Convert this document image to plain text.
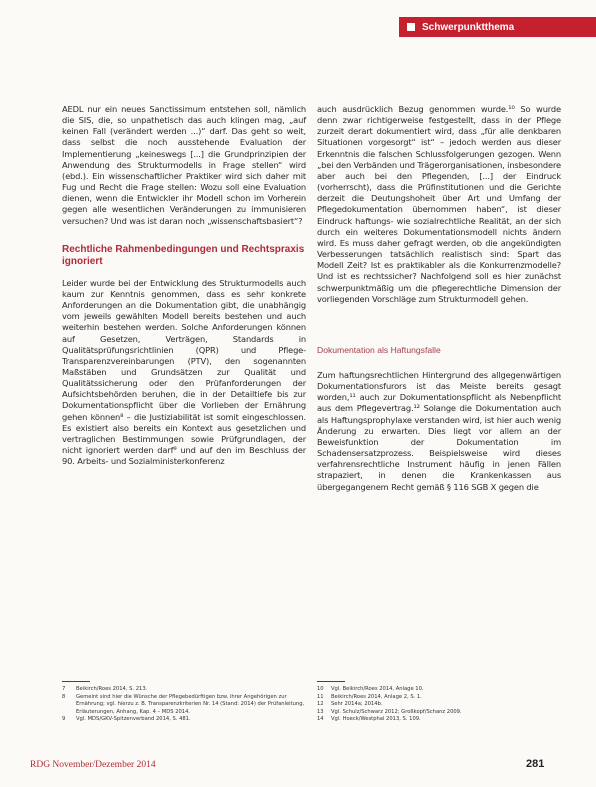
Schwerpunktthema

AEDL nur ein neues Sanctissimum entstehen soll, nämlich die SIS, die, so unpathetisch das auch klingen mag, „auf keinen Fall (verändert werden ...)“ darf. Das geht so weit, dass selbst die noch ausstehende Evaluation der Implementierung „keineswegs [...] die Grundprinzipien der Anwendung des Strukturmodells in Frage stellen“ wird (ebd.). Ein wissenschaftlicher Praktiker wird sich daher mit Fug und Recht die Frage stellen: Wozu soll eine Evaluation dienen, wenn die Entwickler ihr Modell schon im Vorherein gegen alle wesentlichen Veränderungen zu immunisieren versuchen? Und was ist daran noch „wissenschaftsbasiert“?

Rechtliche Rahmenbedingungen und Rechtspraxis ignoriert

Leider wurde bei der Entwicklung des Strukturmodells auch kaum zur Kenntnis genommen, dass es sehr konkrete Anforderungen an die Dokumentation gibt, die unabhängig vom jeweils gewählten Modell bereits bestehen und auch weiterhin bestehen werden. Solche Anforderungen können auf Gesetzen, Verträgen, Standards in Qualitätsprüfungsrichtlinien (QPR) und Pflege-Transparenzvereinbarungen (PTV), den sogenannten Maßstäben und Grundsätzen zur Qualität und Qualitätssicherung oder den Prüfanforderungen der Aufsichtsbehörden beruhen, die in der Detailtiefe bis zur Dokumentationspflicht über die Vorlieben der Ernährung gehen können⁸ – die Justiziabilität ist somit eingeschlossen. Es existiert also bereits ein Kontext aus gesetzlichen und vertraglichen Bestimmungen sowie Prüfgrundlagen, der nicht ignoriert werden darf⁹ und auf den im Beschluss der 90. Arbeits- und Sozialministerkonferenz

auch ausdrücklich Bezug genommen wurde.¹⁰ So wurde denn zwar richtigerweise festgestellt, dass in der Pflege zurzeit derart dokumentiert wird, dass „für alle denkbaren Situationen vorgesorgt“ ist“ – jedoch werden aus dieser Erkenntnis die falschen Schlussfolgerungen gezogen. Wenn „bei den Verbänden und Trägerorganisationen, insbesondere aber auch bei den Pflegenden, [...] der Eindruck (vorherrscht), dass die Prüfinstitutionen und die Gerichte derzeit die Deutungshoheit über Art und Umfang der Pflegedokumentation übernommen haben“, ist dieser Eindruck haftungs- wie sozialrechtliche Realität, an der sich durch ein weiteres Dokumentationsmodell nichts ändern wird. Es muss daher gefragt werden, ob die angekündigten Verbesserungen tatsächlich realistisch sind: Spart das Modell Zeit? Ist es praktikabler als die Konkurrenzmodelle? Und ist es rechtssicher? Nachfolgend soll es hier zunächst schwerpunktmäßig um die pflegerechtliche Dimension der vorliegenden Vorschläge zum Strukturmodell gehen.

Dokumentation als Haftungsfalle

Zum haftungsrechtlichen Hintergrund des allgegenwärtigen Dokumentationsfurors ist das Meiste bereits gesagt worden,¹¹ auch zur Dokumentationspflicht als Nebenpflicht aus dem Pflegevertrag.¹² Solange die Dokumentation auch als Haftungsprophylaxe verstanden wird, ist hier auch wenig Änderung zu erwarten. Dies liegt vor allem an der Beweisfunktion der Dokumentation im Schadensersatzprozess. Beispielsweise wird dieses verfahrensrechtliche Instrument häufig in jenen Fällen strapaziert, in denen die Krankenkassen aus übergegangenem Recht gemäß § 116 SGB X gegen die

7	Beikirch/Roes 2014, S. 213.
8	Gemeint sind hier die Wünsche der Pflegebedürftigen bzw. ihrer Angehörigen zur Ernährung; vgl. hierzu z. B. Transparenzkriterien Nr. 14 (Stand: 2014) der Prüfanleitung, Erläuterungen, Anhang, Kap. 4 – MDS 2014.
9	Vgl. MDS/GKV-Spitzenverband 2014, S. 481.
10	Vgl. Beikirch/Roes 2014, Anlage 10.
11	Beikirch/Roes 2014, Anlage 2, S. 1.
12	Sehr 2014a; 2014b.
13	Vgl. Schulz/Schwarz 2012; Großkopf/Schanz 2009.
14	Vgl. Hoeck/Westphal 2013, S. 109.
RDG November/Dezember 2014	281
